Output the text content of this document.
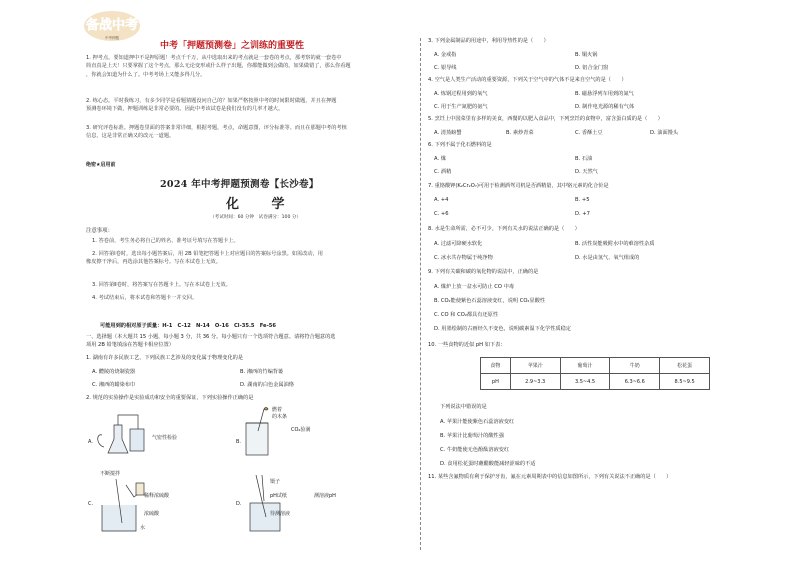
备战中考
中考押题
中考「押题预测卷」之训练的重要性
1. 押考点。要知道押中不是押原题！考点千千万，从中选取出来的考点就是一套卷的考点，那考察的就一套卷中
简直真是上天！只要掌握了这个考点，那么无论变形或什么样子出题，你都能做到会做的。如果做错了，那么你看题
，你就会知道为什么了。中考考场上又能多得几分。
2. 练心态。平时我练习，有多少同学是看题猜题没问自己的？如果严格按照中考的时间限时做题，并且在押题
预测卷环境下做，押题训练是非常必要的。因此中考该试卷是我们没有的几率才越大。
3. 研究评卷标准。押题卷里面的答案非常详细，根据考题，考点，命题意图，评分标准等。而且在那题中考的考核
信息，这是非常正确又的改元一道题。
绝密★启用前
2024 年中考押题预测卷【长沙卷】
化 学
（考试时间：60 分钟　试卷满分：100 分）
注意事项：
1. 答卷前，考生务必将自己的姓名、准考证号填写在答题卡上。
2. 回答第Ⅰ卷时，选出每小题答案后，用 2B 铅笔把答题卡上对应题目的答案标号涂黑。如需改动，用
橡皮擦干净后，再选涂其他答案标号。写在本试卷上无效。
3. 回答第Ⅱ卷时，将答案写在答题卡上。写在本试卷上无效。
4. 考试结束后，将本试卷和答题卡一并交回。
可能用到的相对原子质量：H-1　C-12　N-14　O-16　Cl-35.5　Fe-56
一、选择题（本大题共 15 小题，每小题 3 分，共 36 分。每小题只有一个选项符合题意。请将符合题意的选
项用 2B 铅笔填涂在答题卡相应位置）
1. 湖南有许多民族工艺，下列民族工艺涉及的变化属于物理变化的是
A. 醴陵的烧制瓷器	B. 湘西的竹编背篓
C. 湘西的蜡染布巾	D. 湖南的白色金属油烙
2. 规范的实验操作是实验成功和安全的重要保证，下列实验操作正确的是
A.
气密性检验
B.
燃着
的木条
CO₂验满
C.
不断搅拌
稀释浓硫酸
浓硫酸
水
D.
镊子
pH试纸	测溶液pH
待测溶液
3. 下列金属制品的用途中，利用导热性的是（　　）
A. 金戒指	B. 铜火锅
C. 银导线	D. 铝合金门窗
4. 空气是人类生产活动的重要资源，下列关于空气中的气体不是来自空气的是（　　）
A. 炼钢过程用到的氧气	B. 磁悬浮列车用到的氮气
C. 用于生产氮肥的氨气	D. 制作电光源的稀有气体
5. 烹饪上中国菜里有多样的美食，西餐的以肥入食品中，下列烹饪的食物中，富含蛋白质的是（　　）
A. 清蒸螃蟹	B. 素炒青菜	C. 香酥土豆	D. 油面馒头
6. 下列不属于化石燃料的是
A. 煤	B. 石油
C. 酒精	D. 天然气
7. 重铬酸钾(K₂Cr₂O₇)可用于检测酒驾司机是否酒精量，其中铬元素的化合价是
A. +4	B. +5
C. +6	D. +7
8. 水是生命所需，必不可少。下列有关水的说法正确的是（　　）
A. 过滤可降硬水软化	B. 活性炭能吸附水中的难溶性杂质
C. 冰水共存物属于纯净物	D. 水是由氢气、氧气组成的
9. 下列有关碳和碳的氧化物的说法中，正确的是
A. 煤炉上放一盆水可防止 CO 中毒
B. CO₂能使紫色石蕊溶液变红，说明 CO₂显酸性
C. CO 和 CO₂都具有还原性
D. 用墨绘制的古画经久不变色，说明碳素温下化学性质稳定
10. 一些食物的近似 pH 如下表：
食物	苹果汁	葡萄汁	牛奶	松花蛋
pH	2.9~3.3	3.5~4.5	6.3~6.6	8.5~9.5
下列说法中错误的是
A. 苹果汁能使紫色石蕊溶液变红
B. 苹果汁比葡萄汁的酸性强
C. 牛奶能使无色酚酞溶液变红
D. 食用松花蛋时蘸醋酸能减轻涩味的不适
11. 某些含氟物质有利于保护牙齿，氟在元素周期表中的信息如图所示，下列有关说法不正确的是（　　）
